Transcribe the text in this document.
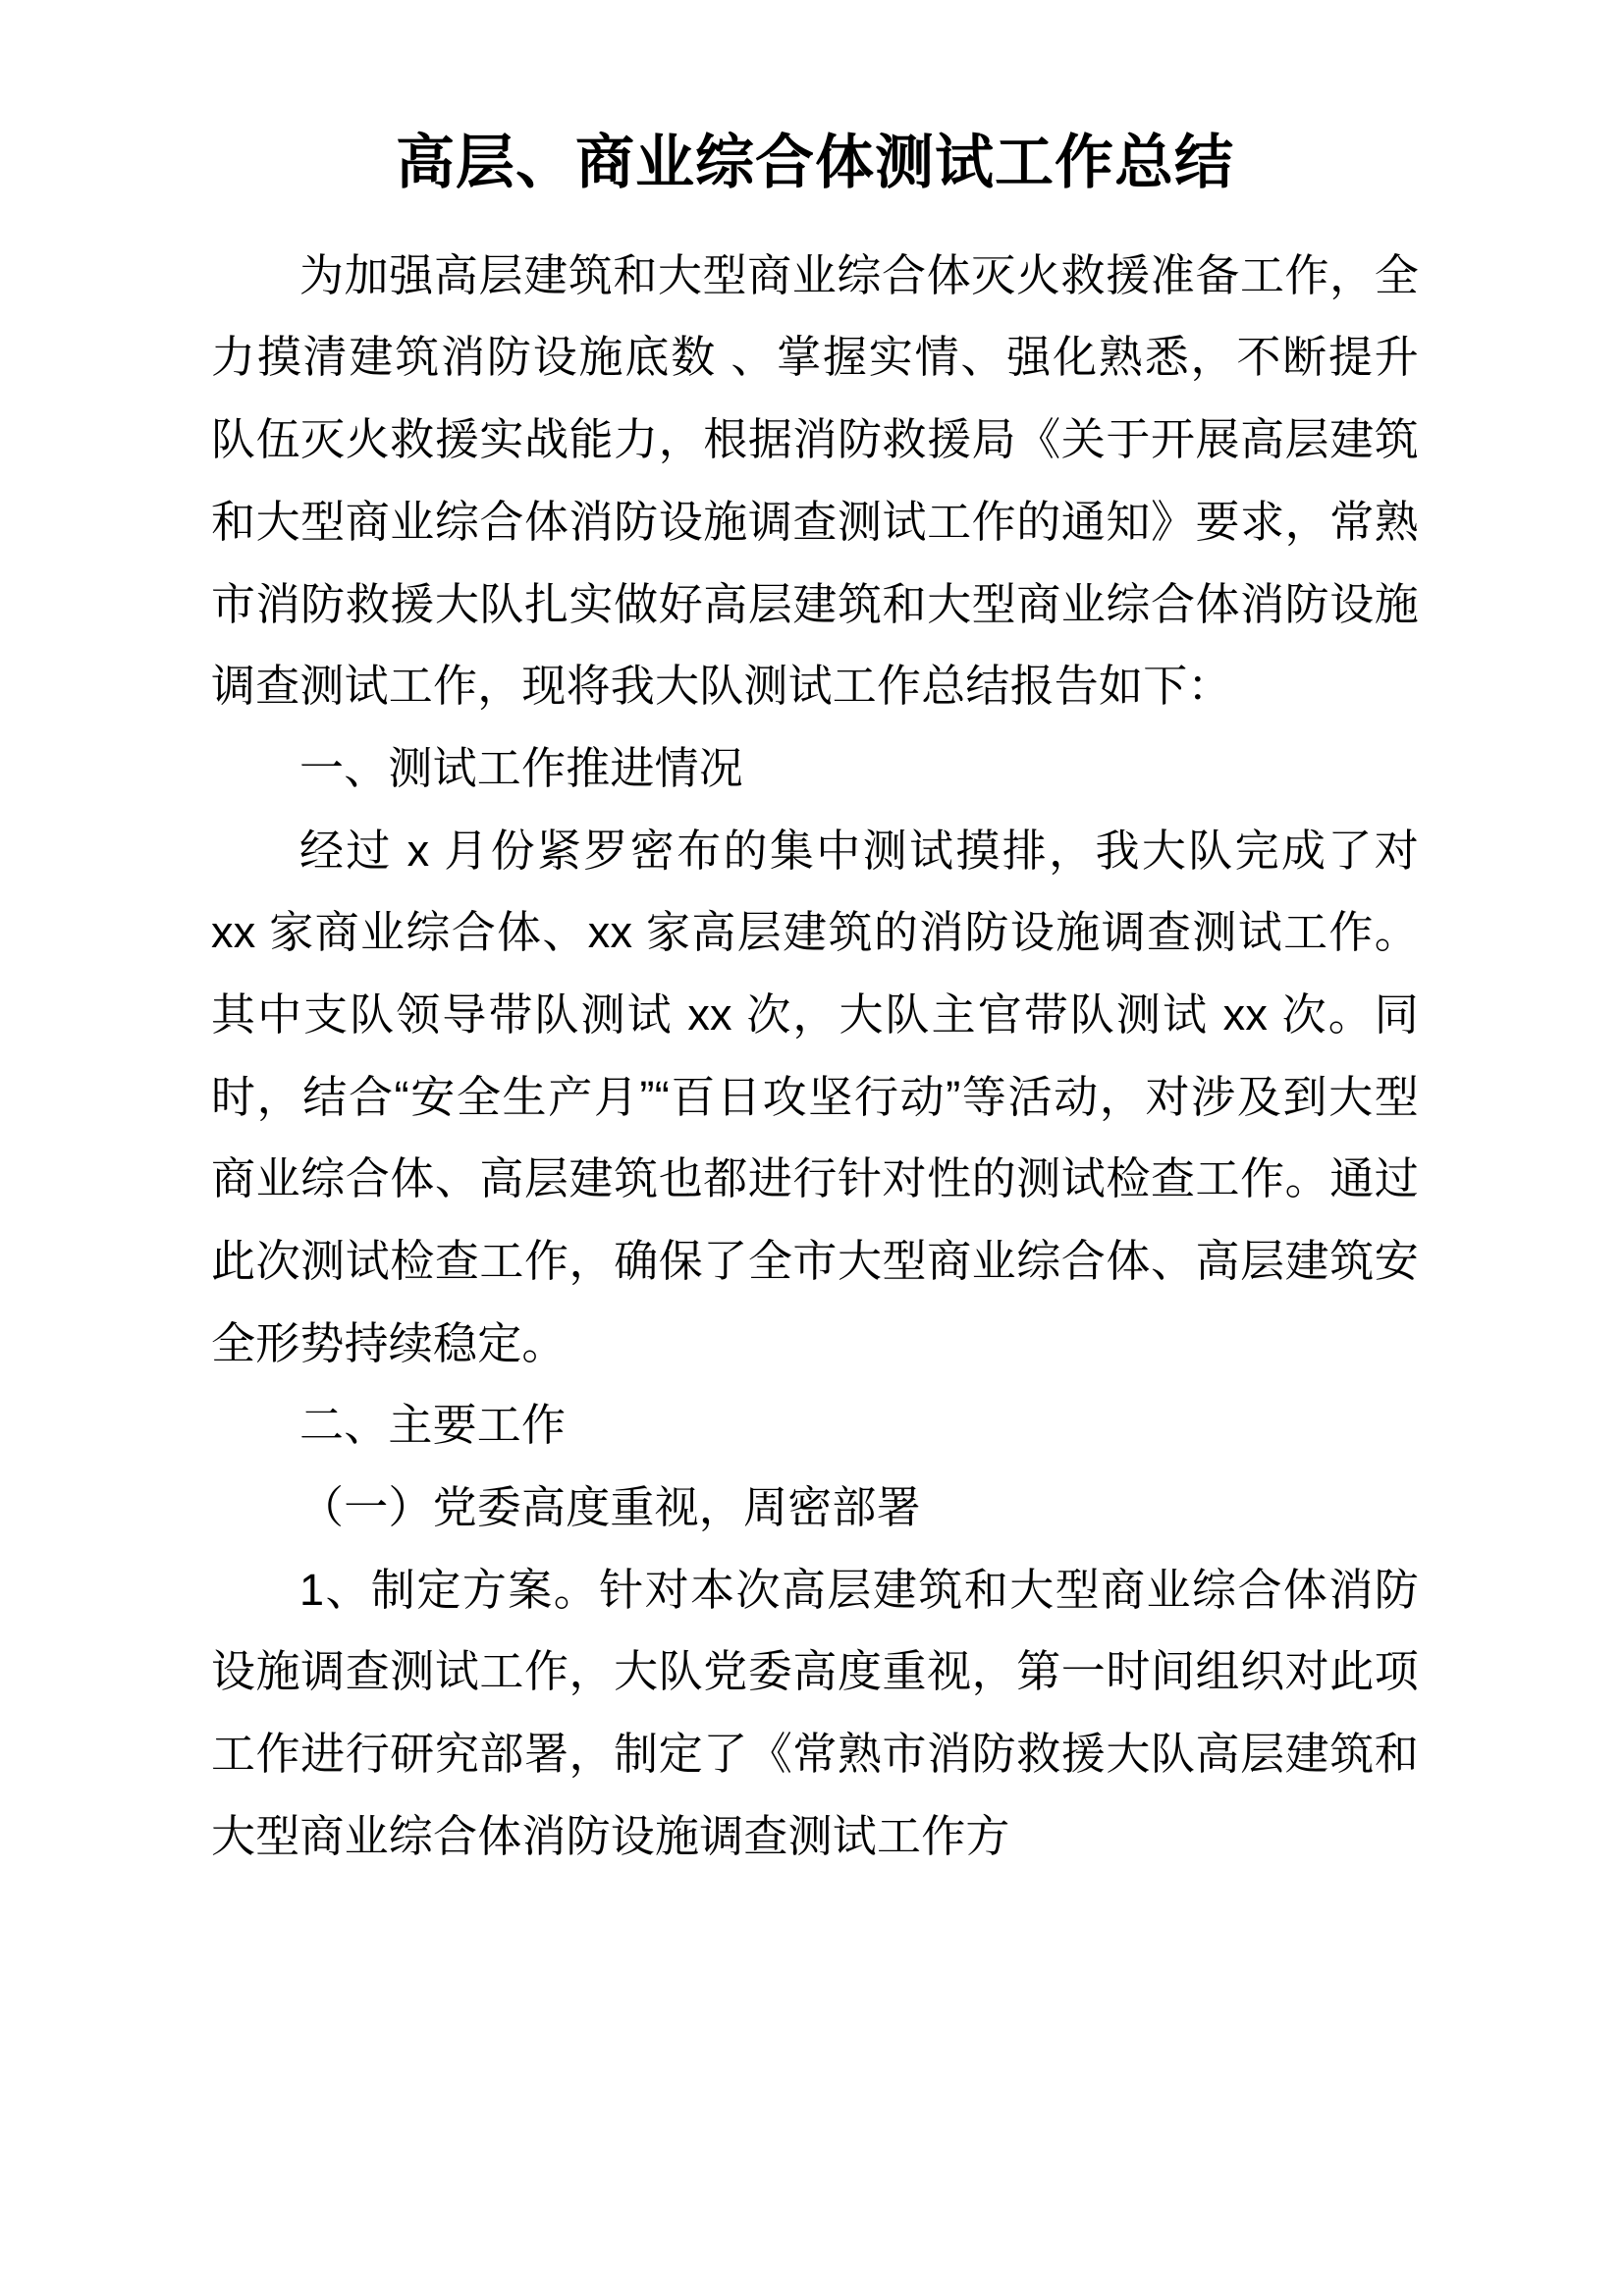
高层、商业综合体测试工作总结

为加强高层建筑和大型商业综合体灭火救援准备工作，全力摸清建筑消防设施底数 、掌握实情、强化熟悉，不断提升队伍灭火救援实战能力，根据消防救援局《关于开展高层建筑和大型商业综合体消防设施调查测试工作的通知》要求，常熟市消防救援大队扎实做好高层建筑和大型商业综合体消防设施调查测试工作，现将我大队测试工作总结报告如下：

一、测试工作推进情况

经过 x 月份紧罗密布的集中测试摸排，我大队完成了对 xx 家商业综合体、xx 家高层建筑的消防设施调查测试工作。其中支队领导带队测试 xx 次，大队主官带队测试 xx 次。同时，结合“安全生产月”“百日攻坚行动”等活动，对涉及到大型商业综合体、高层建筑也都进行针对性的测试检查工作。通过此次测试检查工作，确保了全市大型商业综合体、高层建筑安全形势持续稳定。

二、主要工作

（一）党委高度重视，周密部署

1、制定方案。针对本次高层建筑和大型商业综合体消防设施调查测试工作，大队党委高度重视，第一时间组织对此项工作进行研究部署，制定了《常熟市消防救援大队高层建筑和大型商业综合体消防设施调查测试工作方
